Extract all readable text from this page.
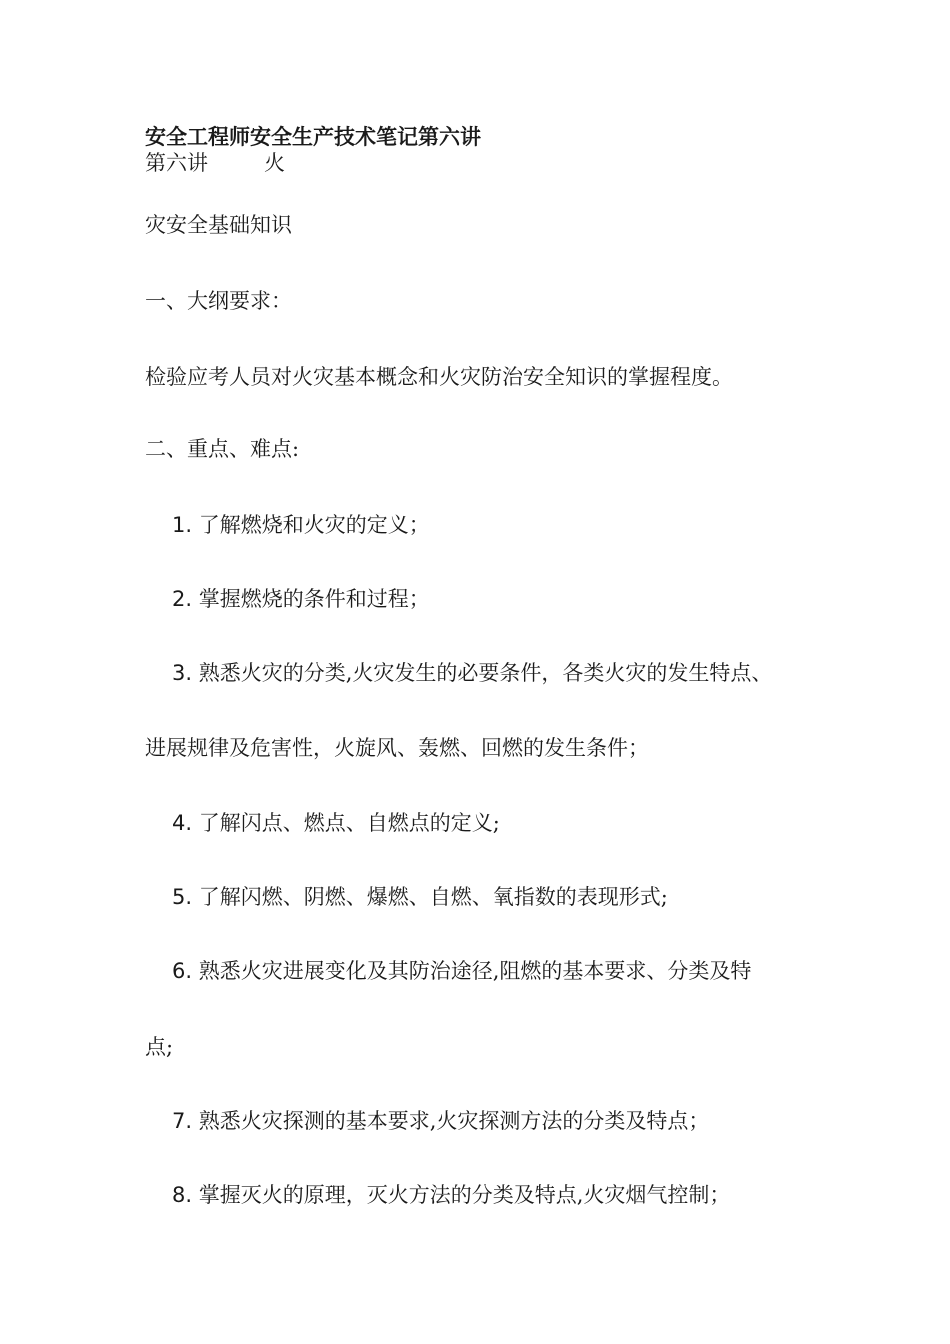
安全工程师安全生产技术笔记第六讲
第六讲	火
灾安全基础知识
一、大纲要求：
检验应考人员对火灾基本概念和火灾防治安全知识的掌握程度。
二、重点、难点:
1. 了解燃烧和火灾的定义；
2. 掌握燃烧的条件和过程；
3. 熟悉火灾的分类,火灾发生的必要条件，各类火灾的发生特点、
进展规律及危害性，火旋风、轰燃、回燃的发生条件；
4. 了解闪点、燃点、自燃点的定义;
5. 了解闪燃、阴燃、爆燃、自燃、氧指数的表现形式;
6. 熟悉火灾进展变化及其防治途径,阻燃的基本要求、分类及特
点;
7. 熟悉火灾探测的基本要求,火灾探测方法的分类及特点；
8. 掌握灭火的原理，灭火方法的分类及特点,火灾烟气控制；
